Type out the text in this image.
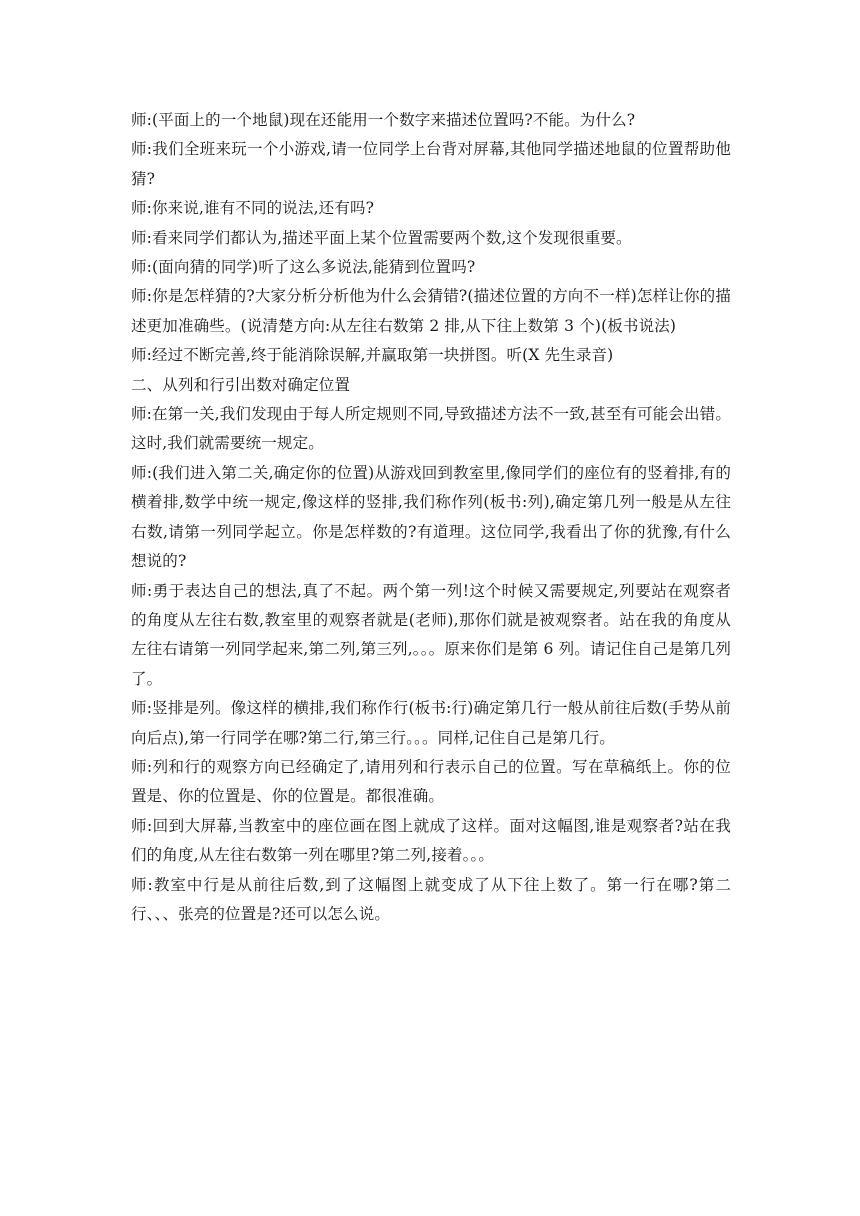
师:(平面上的一个地鼠)现在还能用一个数字来描述位置吗?不能。为什么?

师:我们全班来玩一个小游戏,请一位同学上台背对屏幕,其他同学描述地鼠的位置帮助他猜?

师:你来说,谁有不同的说法,还有吗?

师:看来同学们都认为,描述平面上某个位置需要两个数,这个发现很重要。

师:(面向猜的同学)听了这么多说法,能猜到位置吗?

师:你是怎样猜的?大家分析分析他为什么会猜错?(描述位置的方向不一样)怎样让你的描述更加准确些。(说清楚方向:从左往右数第 2 排,从下往上数第 3 个)(板书说法)

师:经过不断完善,终于能消除误解,并赢取第一块拼图。听(X 先生录音)

二、从列和行引出数对确定位置

师:在第一关,我们发现由于每人所定规则不同,导致描述方法不一致,甚至有可能会出错。这时,我们就需要统一规定。

师:(我们进入第二关,确定你的位置)从游戏回到教室里,像同学们的座位有的竖着排,有的横着排,数学中统一规定,像这样的竖排,我们称作列(板书:列),确定第几列一般是从左往右数,请第一列同学起立。你是怎样数的?有道理。这位同学,我看出了你的犹豫,有什么想说的?

师:勇于表达自己的想法,真了不起。两个第一列!这个时候又需要规定,列要站在观察者的角度从左往右数,教室里的观察者就是(老师),那你们就是被观察者。站在我的角度从左往右请第一列同学起来,第二列,第三列,。。。原来你们是第 6 列。请记住自己是第几列了。

师:竖排是列。像这样的横排,我们称作行(板书:行)确定第几行一般从前往后数(手势从前向后点),第一行同学在哪?第二行,第三行。。。同样,记住自己是第几行。

师:列和行的观察方向已经确定了,请用列和行表示自己的位置。写在草稿纸上。你的位置是、你的位置是、你的位置是。都很准确。

师:回到大屏幕,当教室中的座位画在图上就成了这样。面对这幅图,谁是观察者?站在我们的角度,从左往右数第一列在哪里?第二列,接着。。。

师:教室中行是从前往后数,到了这幅图上就变成了从下往上数了。第一行在哪?第二行、、、张亮的位置是?还可以怎么说。
